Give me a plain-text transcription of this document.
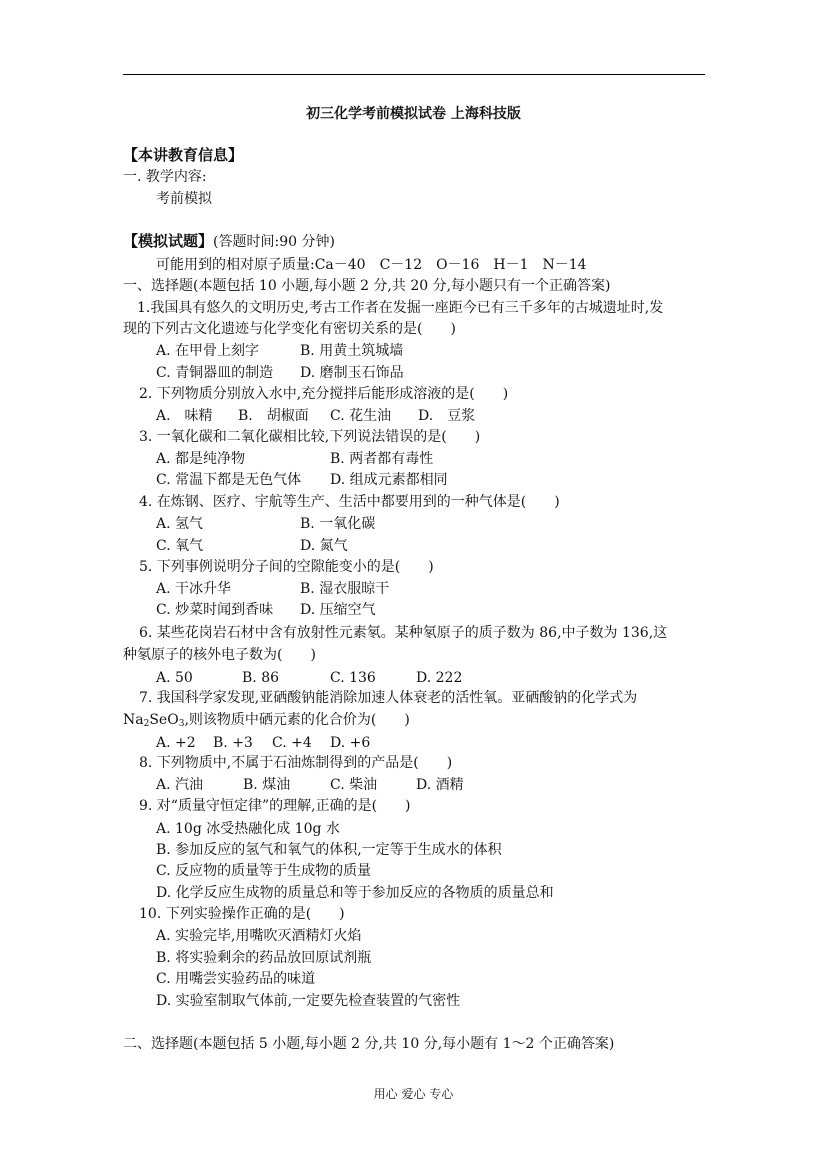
初三化学考前模拟试卷 上海科技版
【本讲教育信息】
一. 教学内容:
考前模拟
【模拟试题】(答题时间:90 分钟)
可能用到的相对原子质量:Ca－40　C－12　O－16　H－1　N－14
一、选择题(本题包括 10 小题,每小题 2 分,共 20 分,每小题只有一个正确答案)
1.我国具有悠久的文明历史,考古工作者在发掘一座距今已有三千多年的古城遗址时,发
现的下列古文化遗迹与化学变化有密切关系的是(　　)
A. 在甲骨上刻字	B. 用黄土筑城墙
C. 青铜器皿的制造 D. 磨制玉石饰品
2. 下列物质分别放入水中,充分搅拌后能形成溶液的是(　　)
A.　味精 B.　胡椒面 C. 花生油 D.　豆浆
3. 一氧化碳和二氧化碳相比较,下列说法错误的是(　　)
A. 都是纯净物	B. 两者都有毒性
C. 常温下都是无色气体 D. 组成元素都相同
4. 在炼钢、医疗、宇航等生产、生活中都要用到的一种气体是(　　)
A. 氢气	B. 一氧化碳
C. 氧气	D. 氮气
5. 下列事例说明分子间的空隙能变小的是(　　)
A. 干冰升华	B. 湿衣服晾干
C. 炒菜时闻到香味 D. 压缩空气
6. 某些花岗岩石材中含有放射性元素氡。某种氡原子的质子数为 86,中子数为 136,这
种氡原子的核外电子数为(　　)
A. 50	B. 86	C. 136	D. 222
7. 我国科学家发现,亚硒酸钠能消除加速人体衰老的活性氧。亚硒酸钠的化学式为
$Na_2SeO_3$,则该物质中硒元素的化合价为(　　)
A. +2 B. +3 C. +4 D. +6
8. 下列物质中,不属于石油炼制得到的产品是(　　)
A. 汽油	B. 煤油	C. 柴油	D. 酒精
9. 对“质量守恒定律”的理解,正确的是(　　)
A. 10g 冰受热融化成 10g 水
B. 参加反应的氢气和氧气的体积,一定等于生成水的体积
C. 反应物的质量等于生成物的质量
D. 化学反应生成物的质量总和等于参加反应的各物质的质量总和
10. 下列实验操作正确的是(　　)
A. 实验完毕,用嘴吹灭酒精灯火焰
B. 将实验剩余的药品放回原试剂瓶
C. 用嘴尝实验药品的味道
D. 实验室制取气体前,一定要先检查装置的气密性
二、选择题(本题包括 5 小题,每小题 2 分,共 10 分,每小题有 1～2 个正确答案)
用心 爱心 专心
